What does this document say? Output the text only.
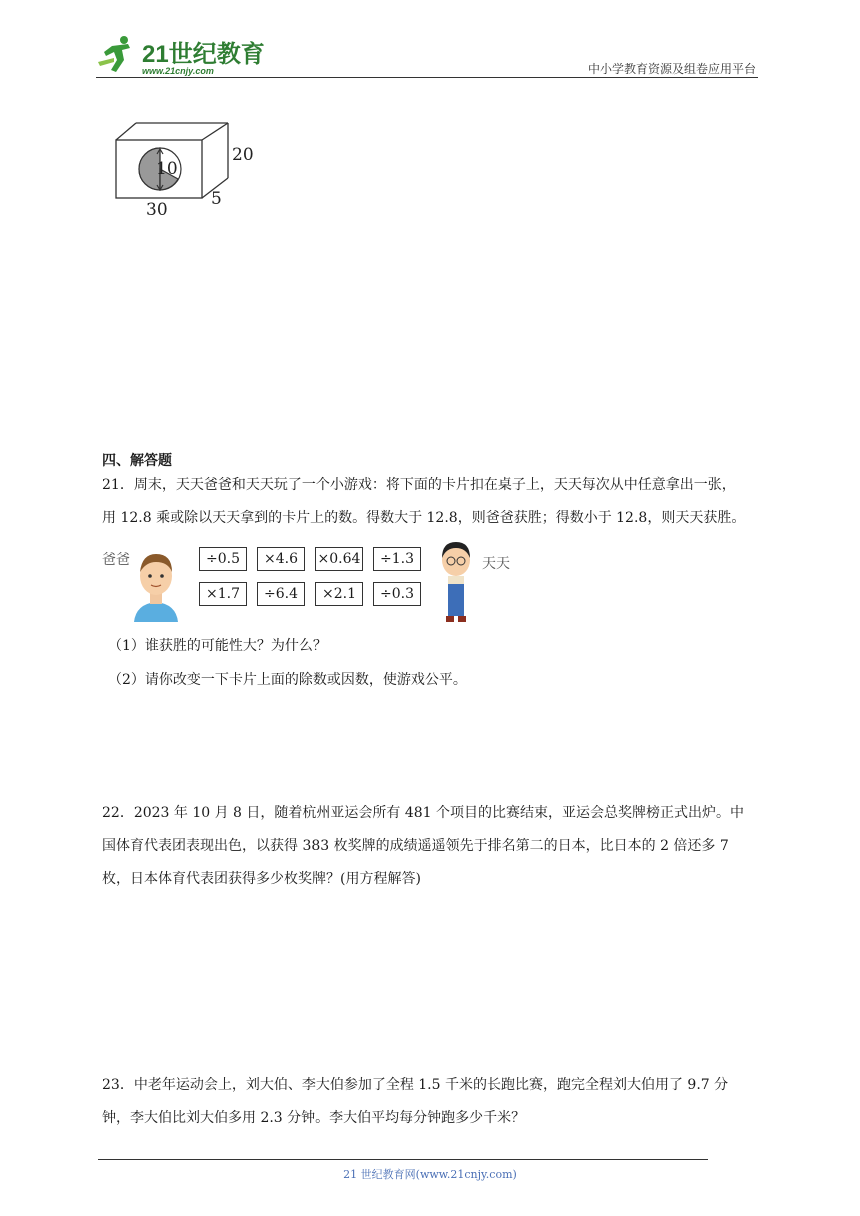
21世纪教育
www.21cnjy.com	中小学教育资源及组卷应用平台
10
20
30
5
四、解答题
21．周末，天天爸爸和天天玩了一个小游戏：将下面的卡片扣在桌子上，天天每次从中任意拿出一张，
用 12.8 乘或除以天天拿到的卡片上的数。得数大于 12.8，则爸爸获胜；得数小于 12.8，则天天获胜。
爸爸	÷0.5	×4.6	×0.64	÷1.3
×1.7	÷6.4	×2.1	÷0.3
天天
（1）谁获胜的可能性大？为什么？
（2）请你改变一下卡片上面的除数或因数，使游戏公平。
22．2023 年 10 月 8 日，随着杭州亚运会所有 481 个项目的比赛结束，亚运会总奖牌榜正式出炉。中
国体育代表团表现出色，以获得 383 枚奖牌的成绩遥遥领先于排名第二的日本，比日本的 2 倍还多 7
枚，日本体育代表团获得多少枚奖牌？(用方程解答)
23．中老年运动会上，刘大伯、李大伯参加了全程 1.5 千米的长跑比赛，跑完全程刘大伯用了 9.7 分
钟，李大伯比刘大伯多用 2.3 分钟。李大伯平均每分钟跑多少千米？
21 世纪教育网(www.21cnjy.com)
